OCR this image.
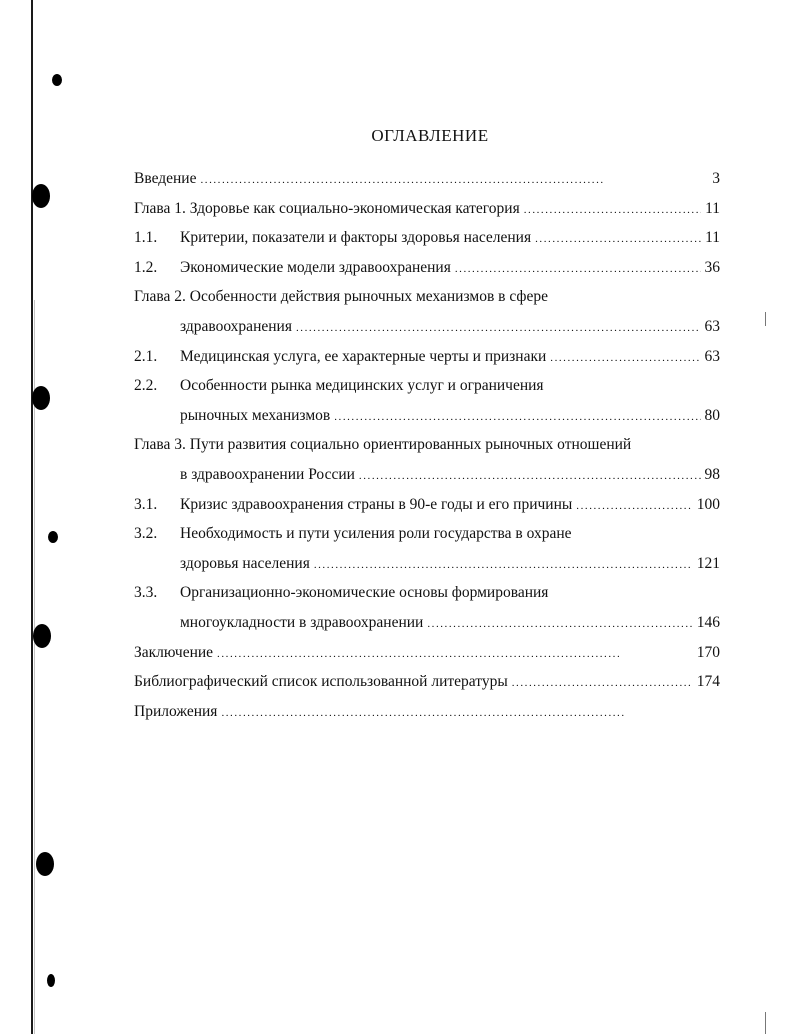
ОГЛАВЛЕНИЕ
Введение . . .	3
Глава 1. Здоровье как социально-экономическая категория . . .	11
1.1.	Критерии, показатели и факторы здоровья населения . . .	11
1.2.	Экономические модели здравоохранения . . .	36
Глава 2. Особенности действия рыночных механизмов в сфере
здравоохранения . . .	63
2.1.	Медицинская услуга, ее характерные черты и признаки . . .	63
2.2.	Особенности рынка медицинских услуг и ограничения
рыночных механизмов . . .	80
Глава 3. Пути развития социально ориентированных рыночных отношений
в здравоохранении России . . .	98
3.1.	Кризис здравоохранения страны в 90-е годы и его причины . . .	100
3.2.	Необходимость и пути усиления роли государства в охране
здоровья населения . . .	121
3.3.	Организационно-экономические основы формирования
многоукладности в здравоохранении . . .	146
Заключение . . .	170
Библиографический список использованной литературы . . .	174
Приложения
. . .
